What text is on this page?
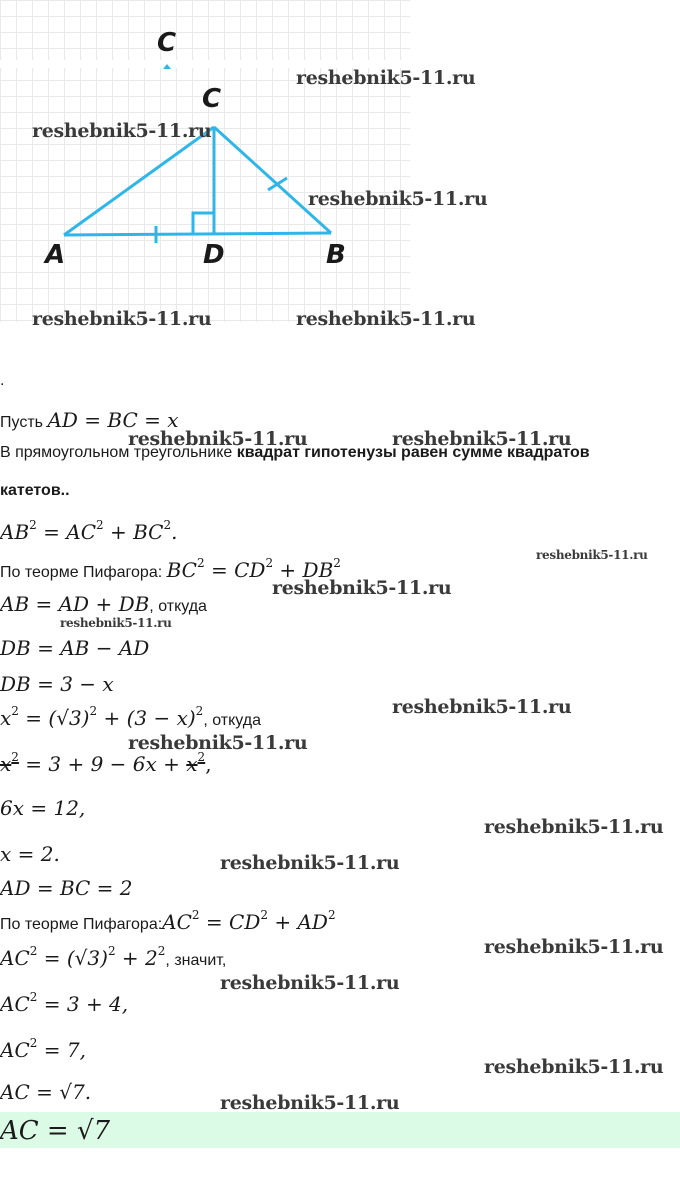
C
C
A	D	B
.
Пусть AD = BC = x
В прямоугольном треугольнике квадрат гипотенузы равен сумме квадратов
катетов..
$AB^2 = AC^2 + BC^2$.
По теорме Пифагора: $BC^2 = CD^2 + DB^2$
AB = AD + DB, откуда
DB = AB − AD
DB = 3 − x
$x^2 = (√3)^2 + (3 - x)^2$, откуда
$x^2 = 3 + 9 - 6x + x^2$,
6x = 12,
x = 2.
AD = BC = 2
По теорме $Пифагора:AC^2 = CD^2 + AD^2$
$AC^2 = (√3)^2 + 2^2$, значит,
$AC^2 = 3 + 4$,
$AC^2 = 7$,
AC = √7.
AC = √7
reshebnik5-11.ru
reshebnik5-11.ru
reshebnik5-11.ru
reshebnik5-11.ru	reshebnik5-11.ru
reshebnik5-11.ru	reshebnik5-11.ru
reshebnik5-11.ru
reshebnik5-11.ru
reshebnik5-11.ru
reshebnik5-11.ru
reshebnik5-11.ru
reshebnik5-11.ru
reshebnik5-11.ru
reshebnik5-11.ru
reshebnik5-11.ru
reshebnik5-11.ru
reshebnik5-11.ru
